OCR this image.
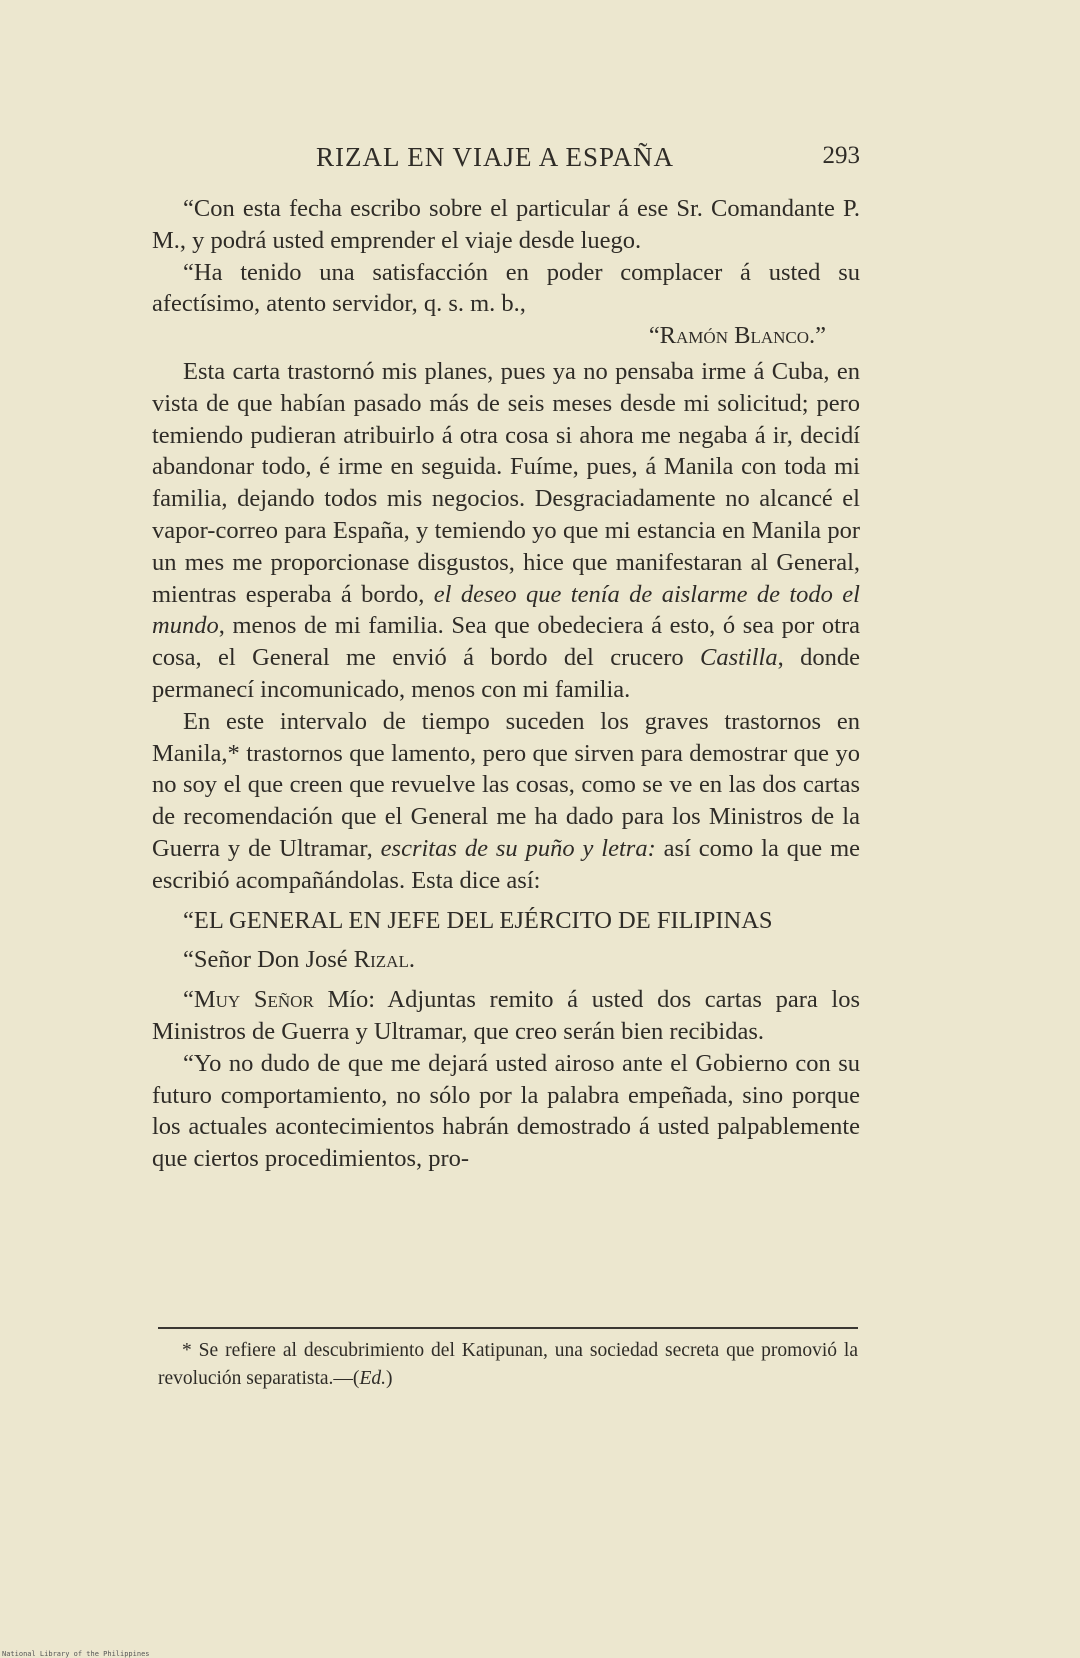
RIZAL EN VIAJE A ESPAÑA	293

“Con esta fecha escribo sobre el particular á ese Sr. Comandante P. M., y podrá usted emprender el viaje desde luego.

“Ha tenido una satisfacción en poder complacer á usted su afectísimo, atento servidor, q. s. m. b.,

“Ramón Blanco.”

Esta carta trastornó mis planes, pues ya no pensaba irme á Cuba, en vista de que habían pasado más de seis meses desde mi solicitud; pero temiendo pudieran atribuirlo á otra cosa si ahora me negaba á ir, decidí abandonar todo, é irme en seguida. Fuíme, pues, á Manila con toda mi familia, dejando todos mis negocios. Desgraciadamente no alcancé el vapor-correo para España, y temiendo yo que mi estancia en Manila por un mes me proporcionase disgustos, hice que manifestaran al General, mientras esperaba á bordo, el deseo que tenía de aislarme de todo el mundo, menos de mi familia. Sea que obedeciera á esto, ó sea por otra cosa, el General me envió á bordo del crucero Castilla, donde permanecí incomunicado, menos con mi familia.

En este intervalo de tiempo suceden los graves trastornos en Manila,* trastornos que lamento, pero que sirven para demostrar que yo no soy el que creen que revuelve las cosas, como se ve en las dos cartas de recomendación que el General me ha dado para los Ministros de la Guerra y de Ultramar, escritas de su puño y letra: así como la que me escribió acompañándolas. Esta dice así:

“EL GENERAL EN JEFE DEL EJÉRCITO DE FILIPINAS

“Señor Don José Rizal.

“Muy Señor Mío: Adjuntas remito á usted dos cartas para los Ministros de Guerra y Ultramar, que creo serán bien recibidas.

“Yo no dudo de que me dejará usted airoso ante el Gobierno con su futuro comportamiento, no sólo por la palabra empeñada, sino porque los actuales acontecimientos habrán demostrado á usted palpablemente que ciertos procedimientos, pro-

* Se refiere al descubrimiento del Katipunan, una sociedad secreta que promovió la revolución separatista.—(Ed.)

National Library of the Philippines
